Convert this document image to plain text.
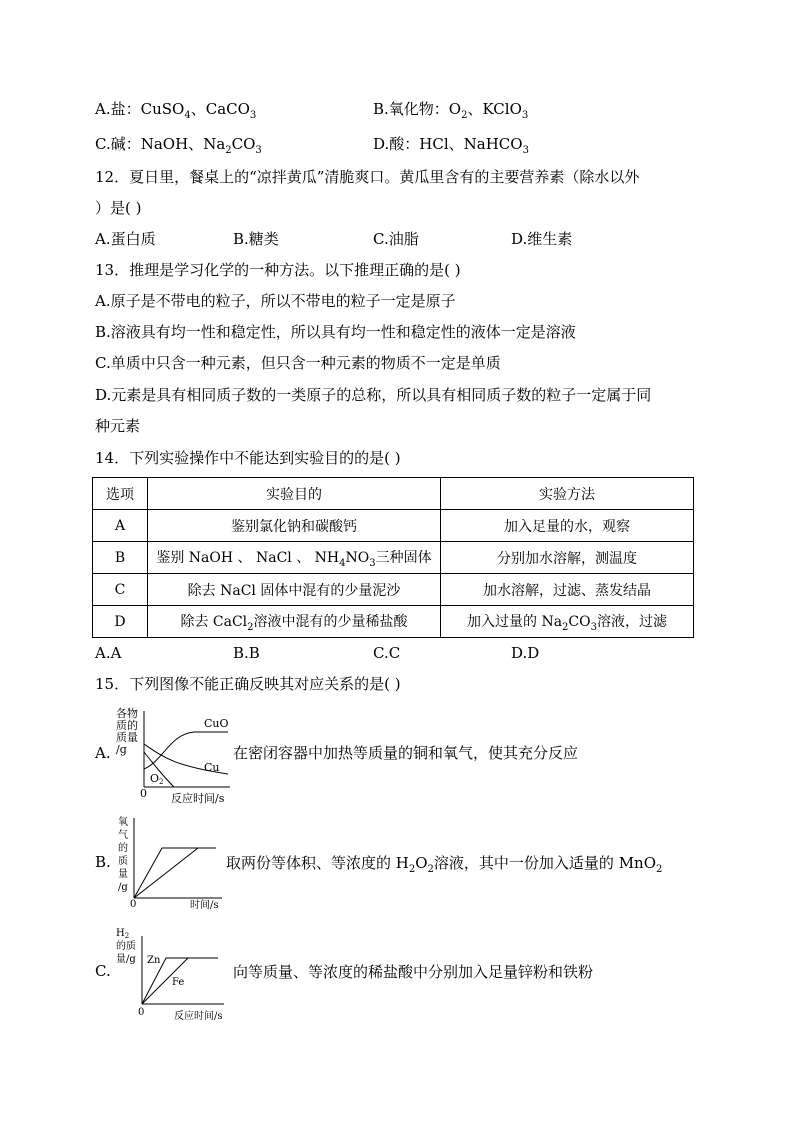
A.盐：CuSO$_4$、CaCO$_3$	B.氧化物：$O_2$、KClO$_3$
C.碱：NaOH、$Na_2CO_3$	D.酸：HCl、NaHCO$_3$
12．夏日里，餐桌上的“凉拌黄瓜”清脆爽口。黄瓜里含有的主要营养素（除水以外
）是( )
A.蛋白质	B.糖类	C.油脂	D.维生素
13．推理是学习化学的一种方法。以下推理正确的是( )
A.原子是不带电的粒子，所以不带电的粒子一定是原子
B.溶液具有均一性和稳定性，所以具有均一性和稳定性的液体一定是溶液
C.单质中只含一种元素，但只含一种元素的物质不一定是单质
D.元素是具有相同质子数的一类原子的总称，所以具有相同质子数的粒子一定属于同
种元素
14．下列实验操作中不能达到实验目的的是( )
选项	实验目的	实验方法
A	鉴别氯化钠和碳酸钙	加入足量的水，观察
B	鉴别 NaOH 、 NaCl 、 $NH_4NO_3$三种固体	分别加水溶解，测温度
C	除去 NaCl 固体中混有的少量泥沙	加水溶解，过滤、蒸发结晶
D	除去 CaCl$_2$溶液中混有的少量稀盐酸	加入过量的 $Na_2CO_3$溶液，过滤
A.A	B.B	C.C	D.D
15．下列图像不能正确反映其对应关系的是( )
A.
各物
质的
质量
/g
0 反应时间/s
CuO
Cu
O2
在密闭容器中加热等质量的铜和氧气，使其充分反应
B.
氧
气
的
质
量
/g
0	时间/s
取两份等体积、等浓度的 $H_2O_2$溶液，其中一份加入适量的 MnO$_2$
C.
$H_2$
的质
量/g
0	反应时间/s
Zn
Fe
向等质量、等浓度的稀盐酸中分别加入足量锌粉和铁粉
